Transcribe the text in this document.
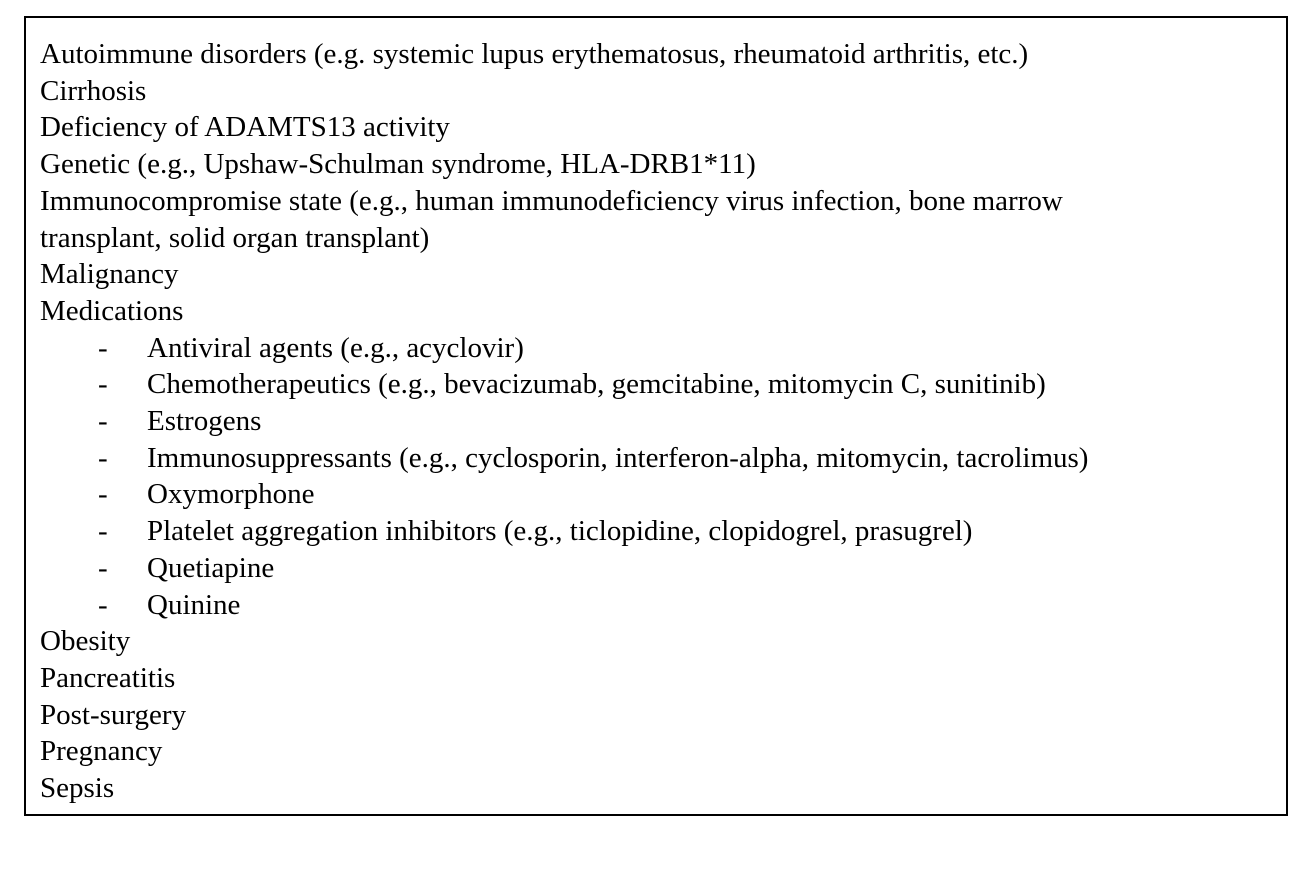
Autoimmune disorders (e.g. systemic lupus erythematosus, rheumatoid arthritis, etc.)
Cirrhosis
Deficiency of ADAMTS13 activity
Genetic (e.g., Upshaw-Schulman syndrome, HLA-DRB1*11)
Immunocompromise state (e.g., human immunodeficiency virus infection, bone marrow
transplant, solid organ transplant)
Malignancy
Medications
- Antiviral agents (e.g., acyclovir)
- Chemotherapeutics (e.g., bevacizumab, gemcitabine, mitomycin C, sunitinib)
- Estrogens
- Immunosuppressants (e.g., cyclosporin, interferon-alpha, mitomycin, tacrolimus)
- Oxymorphone
- Platelet aggregation inhibitors (e.g., ticlopidine, clopidogrel, prasugrel)
- Quetiapine
- Quinine
Obesity
Pancreatitis
Post-surgery
Pregnancy
Sepsis
